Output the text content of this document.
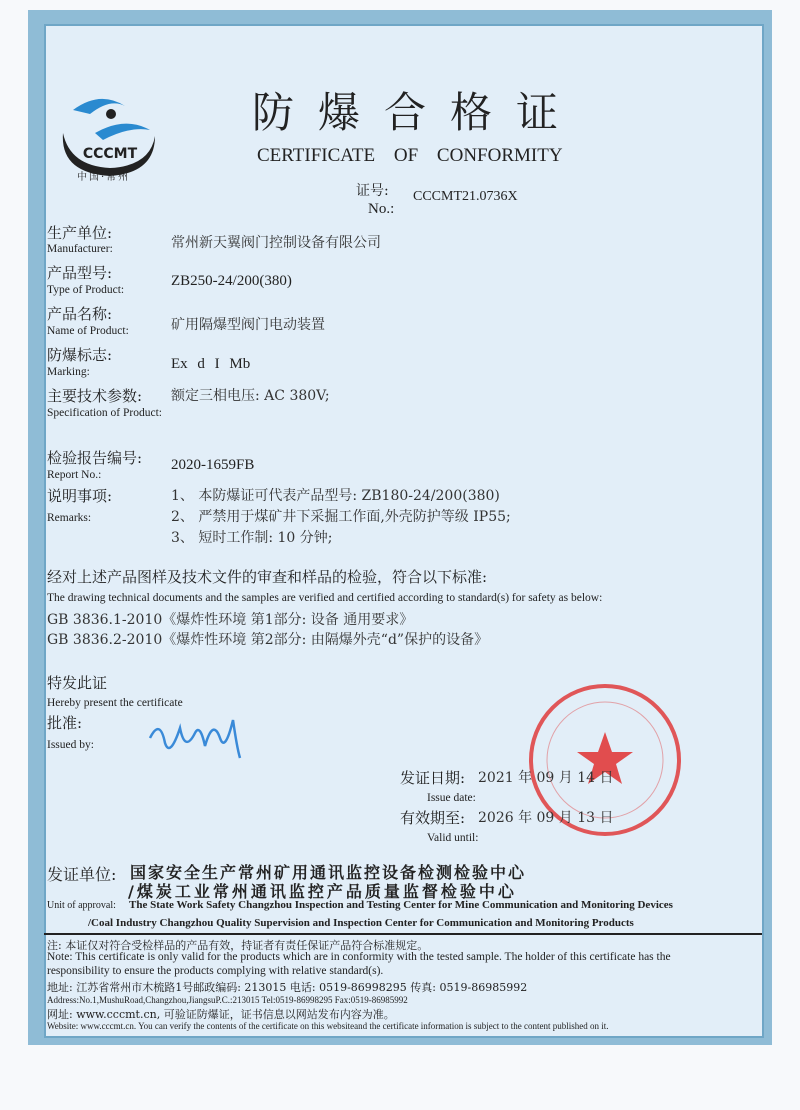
CCCMT
中国·常州
防爆合格证
CERTIFICATE OF CONFORMITY
证号:
No.:
CCCMT21.0736X
生产单位:
Manufacturer:	常州新天翼阀门控制设备有限公司
产品型号:
Type of Product:
ZB250-24/200(380)
产品名称:
Name of Product:	矿用隔爆型阀门电动装置
防爆标志:
Marking:	Ex d I Mb
主要技术参数:
Specification of Product:
额定三相电压: AC 380V;
检验报告编号:
Report No.:
2020-1659FB
说明事项:
Remarks:
1、 本防爆证可代表产品型号: ZB180-24/200(380)
2、 严禁用于煤矿井下采掘工作面,外壳防护等级 IP55;
3、 短时工作制: 10 分钟;
经对上述产品图样及技术文件的审查和样品的检验，符合以下标准:
The drawing technical documents and the samples are verified and certified according to standard(s) for safety as below:
GB 3836.1-2010《爆炸性环境 第1部分: 设备 通用要求》
GB 3836.2-2010《爆炸性环境 第2部分: 由隔爆外壳“d”保护的设备》
特发此证
Hereby present the certificate
批准:
Issued by:
发证日期:
Issue date:
2021 年 09 月 14 日
有效期至:
Valid until:
2026 年 09 月 13 日
发证单位: 国家安全生产常州矿用通讯监控设备检测检验中心
/煤炭工业常州通讯监控产品质量监督检验中心
Unit of approval: The State Work Safety Changzhou Inspection and Testing Center for Mine Communication and Monitoring Devices
/Coal Industry Changzhou Quality Supervision and Inspection Center for Communication and Monitoring Products
注: 本证仅对符合受检样品的产品有效，持证者有责任保证产品符合标准规定。
Note: This certificate is only valid for the products which are in conformity with the tested sample. The holder of this certificate has the
responsibility to ensure the products complying with relative standard(s).
地址: 江苏省常州市木梳路1号邮政编码: 213015 电话: 0519-86998295 传真: 0519-86985992
Address:No.1,MushuRoad,Changzhou,JiangsuP.C.:213015 Tel:0519-86998295 Fax:0519-86985992
网址: www.cccmt.cn, 可验证防爆证，证书信息以网站发布内容为准。
Website: www.cccmt.cn. You can verify the contents of the certificate on this websiteand the certificate information is subject to the content published on it.
